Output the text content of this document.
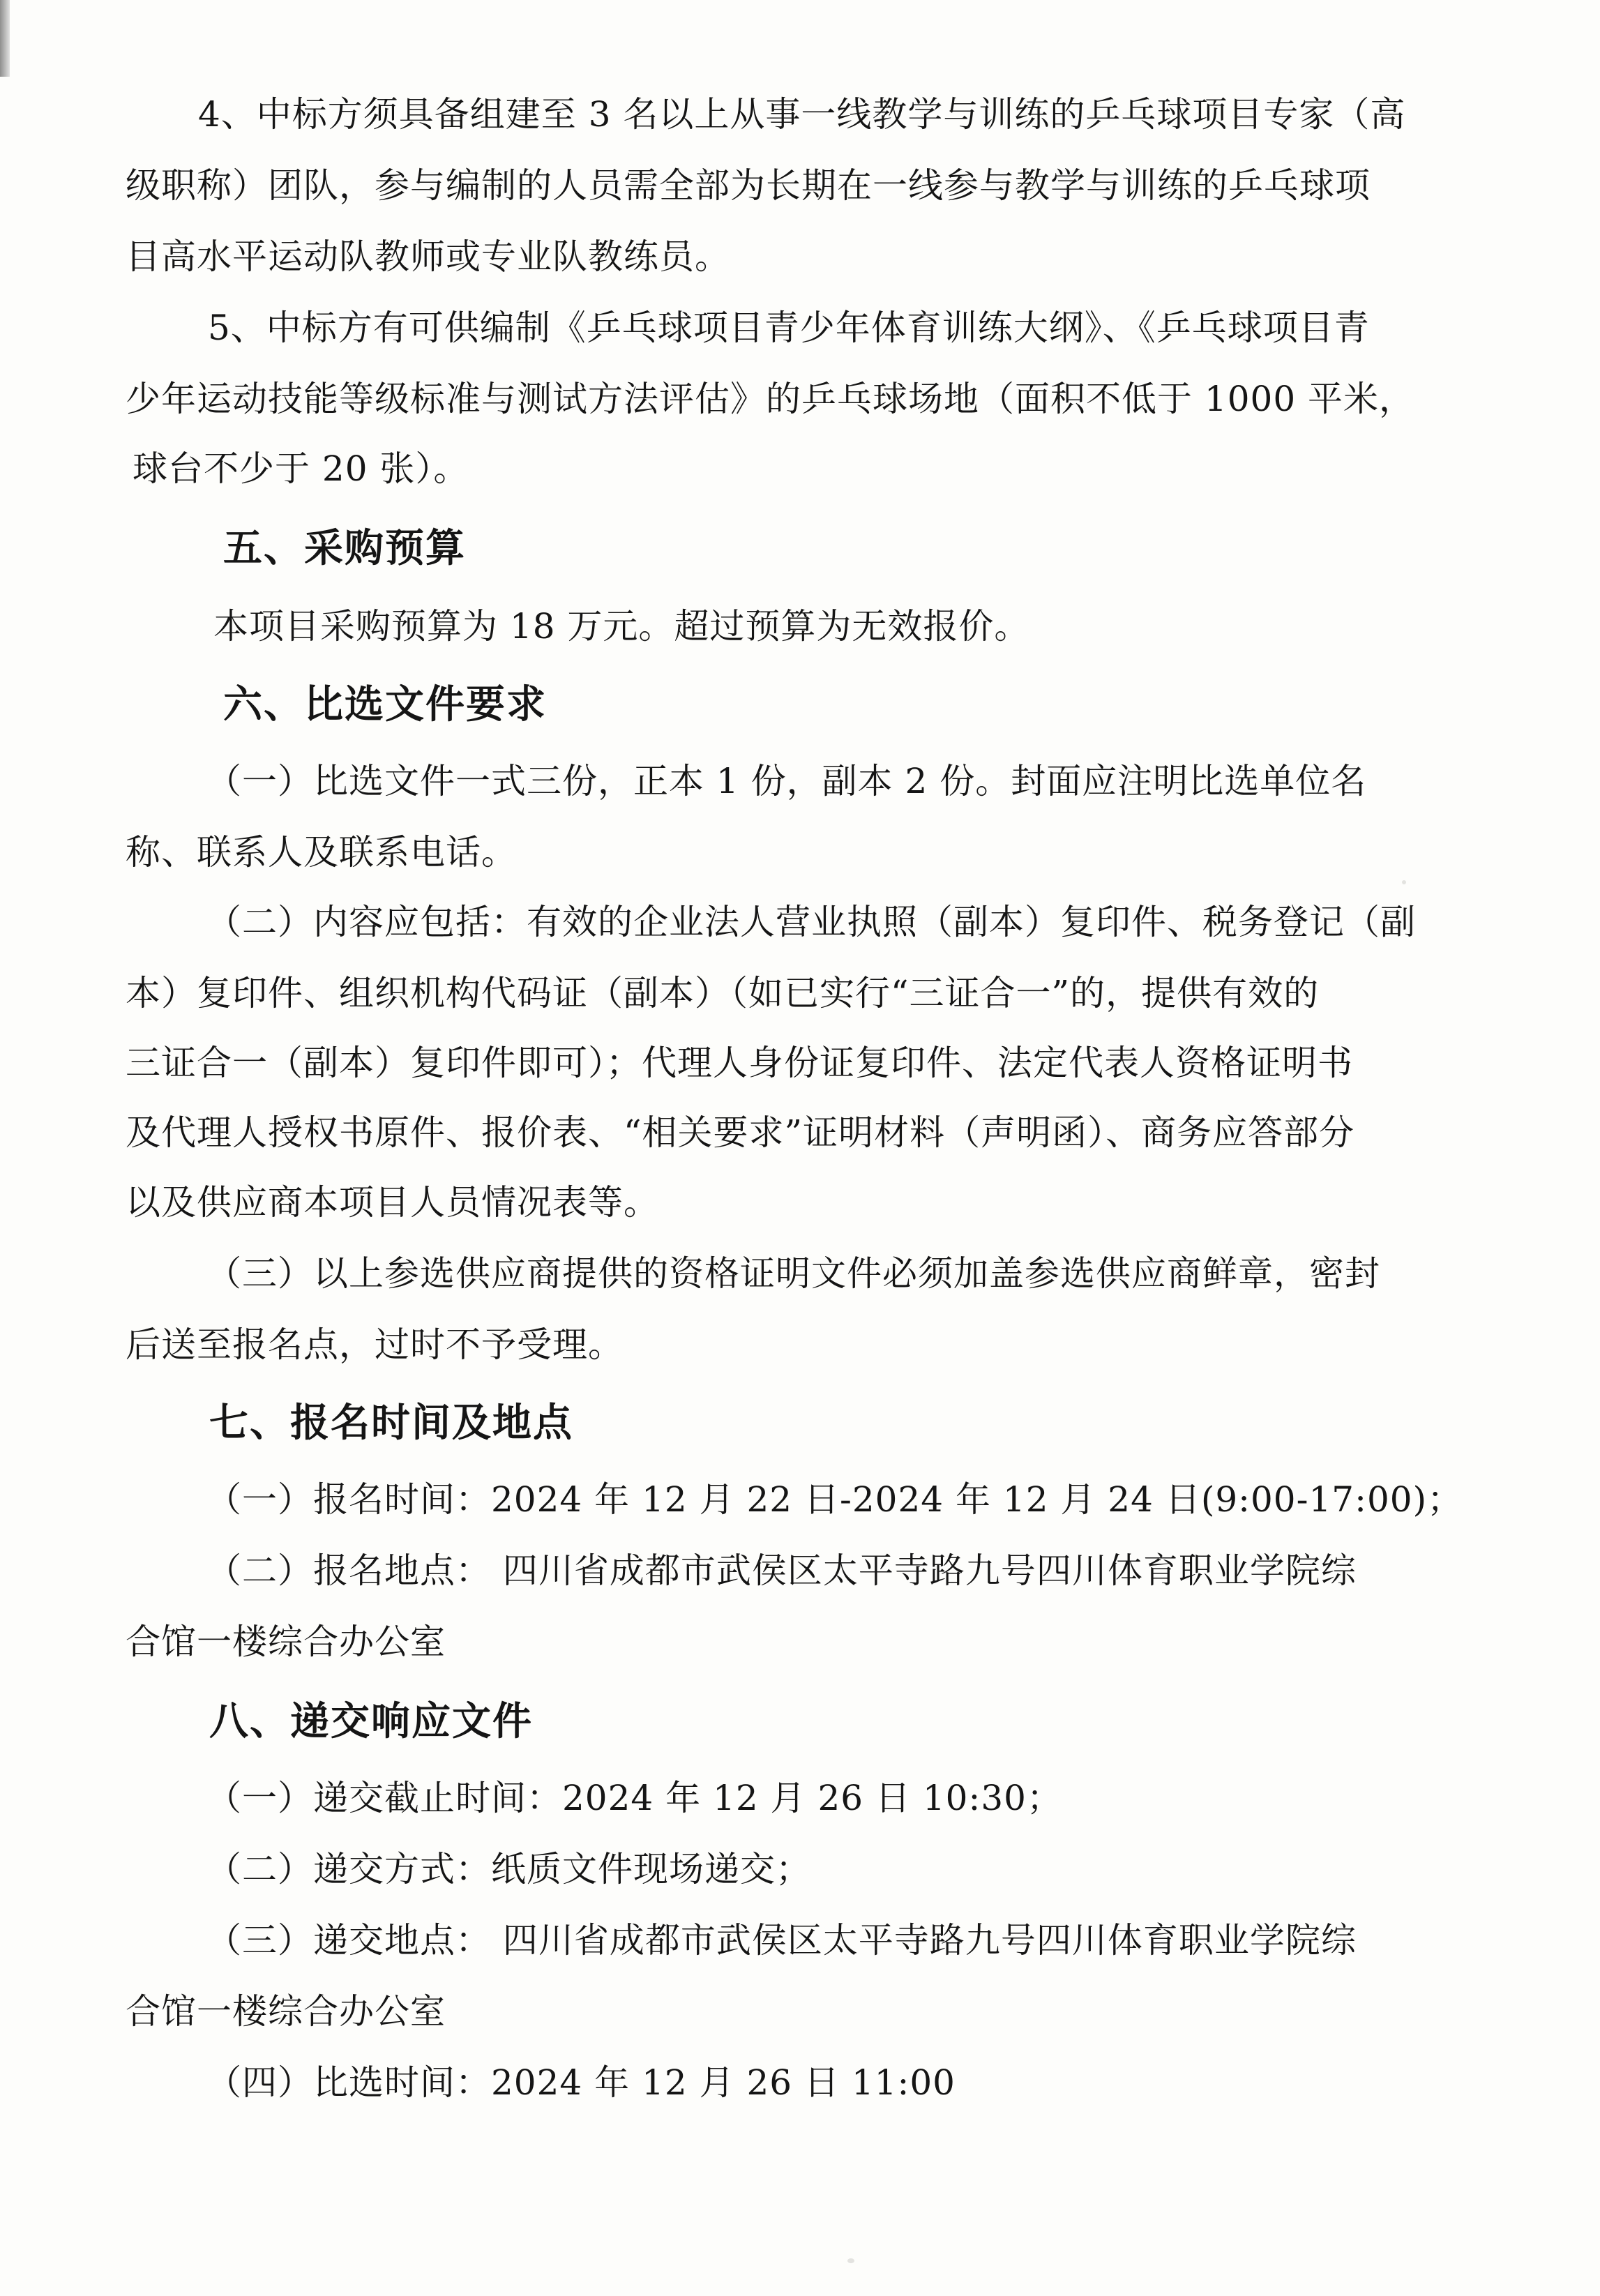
4、中标方须具备组建至 3 名以上从事一线教学与训练的乒乓球项目专家（高
级职称）团队，参与编制的人员需全部为长期在一线参与教学与训练的乒乓球项
目高水平运动队教师或专业队教练员。
5、中标方有可供编制《乒乓球项目青少年体育训练大纲》、《乒乓球项目青
少年运动技能等级标准与测试方法评估》的乒乓球场地（面积不低于 1000 平米，
球台不少于 20 张）。
五、采购预算
本项目采购预算为 18 万元。超过预算为无效报价。
六、比选文件要求
（一）比选文件一式三份，正本 1 份，副本 2 份。封面应注明比选单位名
称、联系人及联系电话。
（二）内容应包括：有效的企业法人营业执照（副本）复印件、税务登记（副
本）复印件、组织机构代码证（副本）（如已实行“三证合一”的，提供有效的
三证合一（副本）复印件即可）；代理人身份证复印件、法定代表人资格证明书
及代理人授权书原件、报价表、“相关要求”证明材料（声明函）、商务应答部分
以及供应商本项目人员情况表等。
（三）以上参选供应商提供的资格证明文件必须加盖参选供应商鲜章，密封
后送至报名点，过时不予受理。
七、报名时间及地点
（一）报名时间：2024 年 12 月 22 日-2024 年 12 月 24 日(9:00-17:00)；
（二）报名地点： 四川省成都市武侯区太平寺路九号四川体育职业学院综
合馆一楼综合办公室
八、递交响应文件
（一）递交截止时间：2024 年 12 月 26 日 10:30；
（二）递交方式：纸质文件现场递交；
（三）递交地点： 四川省成都市武侯区太平寺路九号四川体育职业学院综
合馆一楼综合办公室
（四）比选时间：2024 年 12 月 26 日 11:00
